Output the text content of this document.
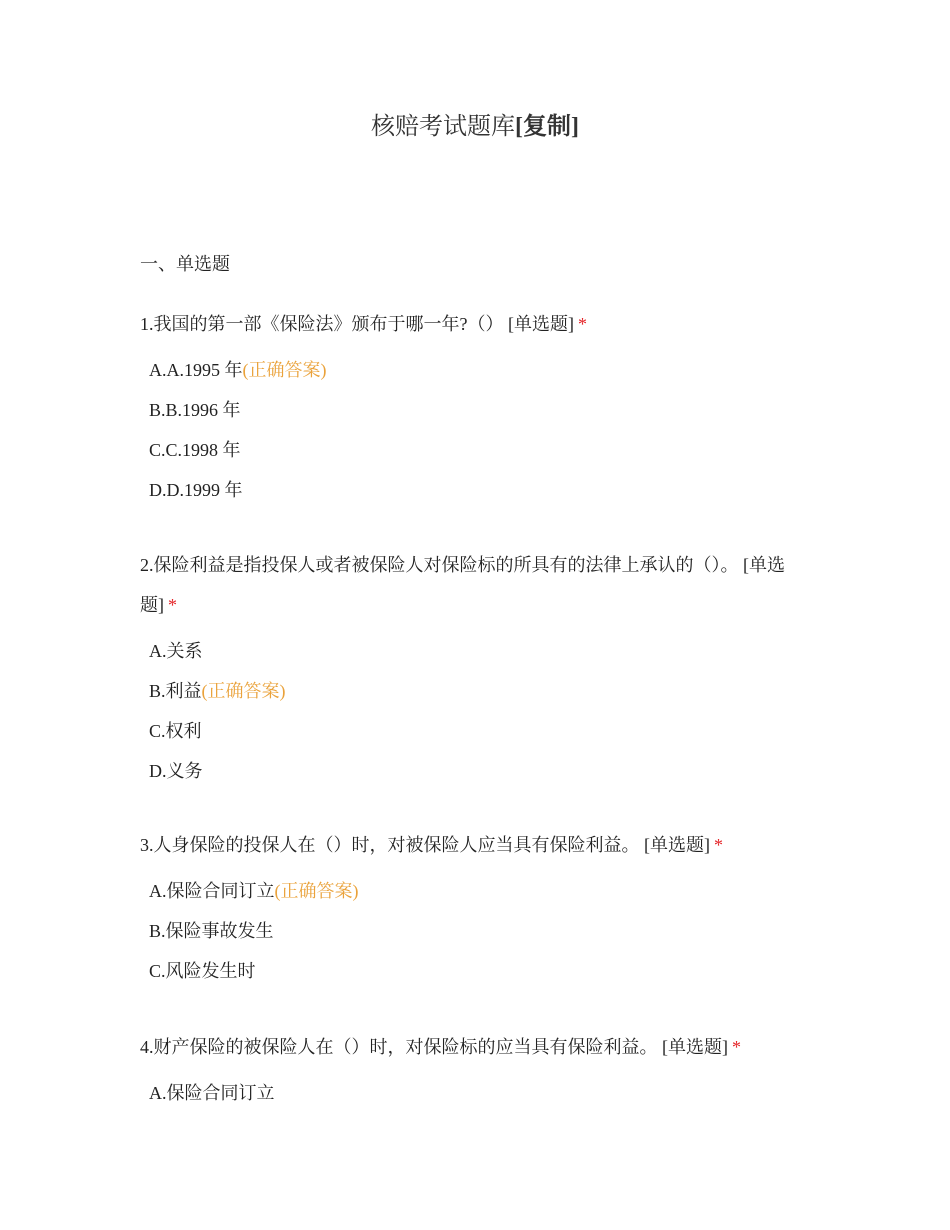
核赔考试题库[复制]
一、单选题

1.我国的第一部《保险法》颁布于哪一年?（） [单选题] *

A.A.1995 年(正确答案)
B.B.1996 年
C.C.1998 年
D.D.1999 年

2.保险利益是指投保人或者被保险人对保险标的所具有的法律上承认的（）。 [单选题] *

A.关系
B.利益(正确答案)
C.权利
D.义务

3.人身保险的投保人在（）时，对被保险人应当具有保险利益。 [单选题] *

A.保险合同订立(正确答案)
B.保险事故发生
C.风险发生时

4.财产保险的被保险人在（）时，对保险标的应当具有保险利益。 [单选题] *

A.保险合同订立
